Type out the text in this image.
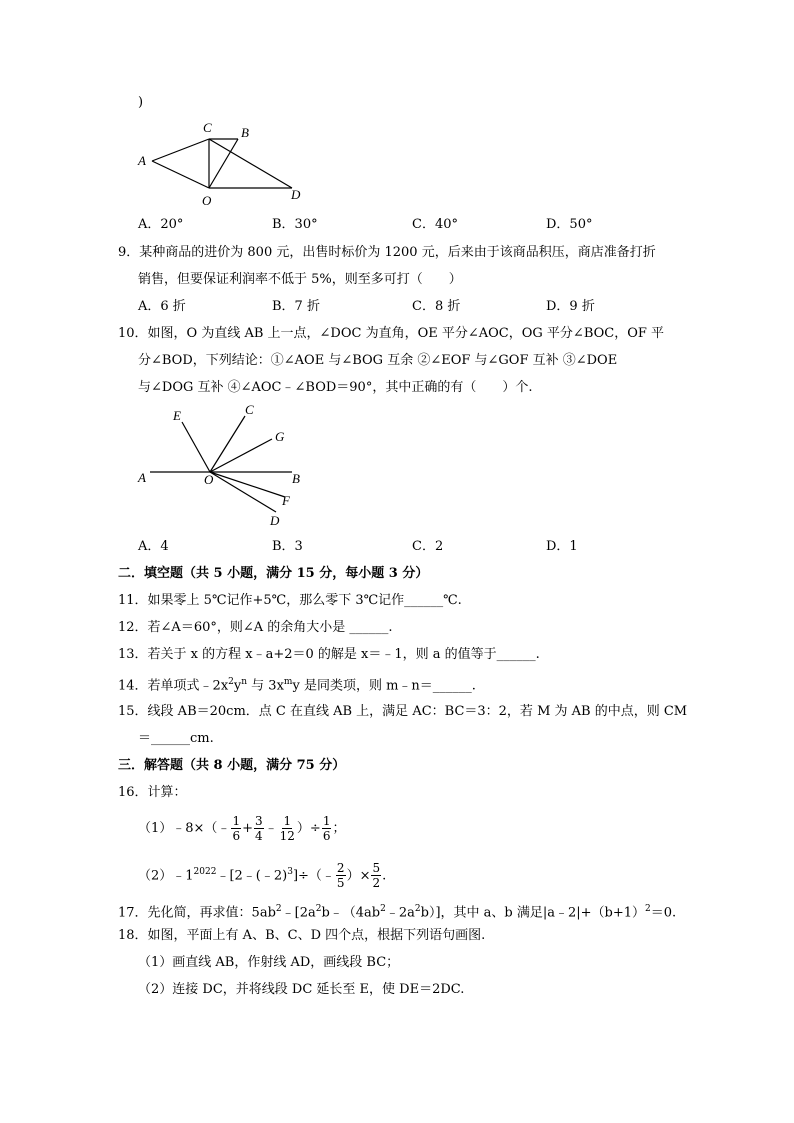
)
A
C B
D
O
A．20°	B．30°	C．40°	D．50°
9．某种商品的进价为 800 元，出售时标价为 1200 元，后来由于该商品积压，商店准备打折
销售，但要保证利润率不低于 5%，则至多可打（　　）
A．6 折	B．7 折	C．8 折	D．9 折
10．如图，O 为直线 AB 上一点，∠DOC 为直角，OE 平分∠AOC，OG 平分∠BOC，OF 平
分∠BOD，下列结论：①∠AOE 与∠BOG 互余 ②∠EOF 与∠GOF 互补 ③∠DOE
与∠DOG 互补 ④∠AOC﹣∠BOD＝90°，其中正确的有（　　）个.
A	O	B
E	C
G
F
D
A．4	B．3	C．2	D．1
二．填空题（共 5 小题，满分 15 分，每小题 3 分）
11．如果零上 5℃记作+5℃，那么零下 3℃记作______℃.
12．若∠A＝60°，则∠A 的余角大小是 ______.
13．若关于 x 的方程 x﹣a+2＝0 的解是 x＝﹣1，则 a 的值等于______.
14．若单项式$﹣2x^2y^n$ 与 $3x^my$ 是同类项，则 m﹣n＝______.
15．线段 AB＝20cm．点 C 在直线 AB 上，满足 AC：BC＝3：2，若 M 为 AB 的中点，则 CM
＝______cm.
三．解答题（共 8 小题，满分 75 分）
16．计算：
（1）﹣8×（﹣ $\frac{1}{6} + \frac{3}{4}$ ﹣ $\frac{1}{12}$ ）÷ $\frac{1}{6}$ ；
$(2)﹣1^{2022}﹣[2﹣(﹣2)^3]\div(﹣ \frac{2}{5}$ ）× $\frac{5}{2}$ .
17．先化简，再求值：$5ab^2﹣[2a^2b﹣(4ab^2﹣2a^2b)]$，其中 a、b 满足$|a﹣2|+(b+1)^2=0$.
18．如图，平面上有 A、B、C、D 四个点，根据下列语句画图.
（1）画直线 AB，作射线 AD，画线段 BC；
（2）连接 DC，并将线段 DC 延长至 E，使 DE＝2DC.
